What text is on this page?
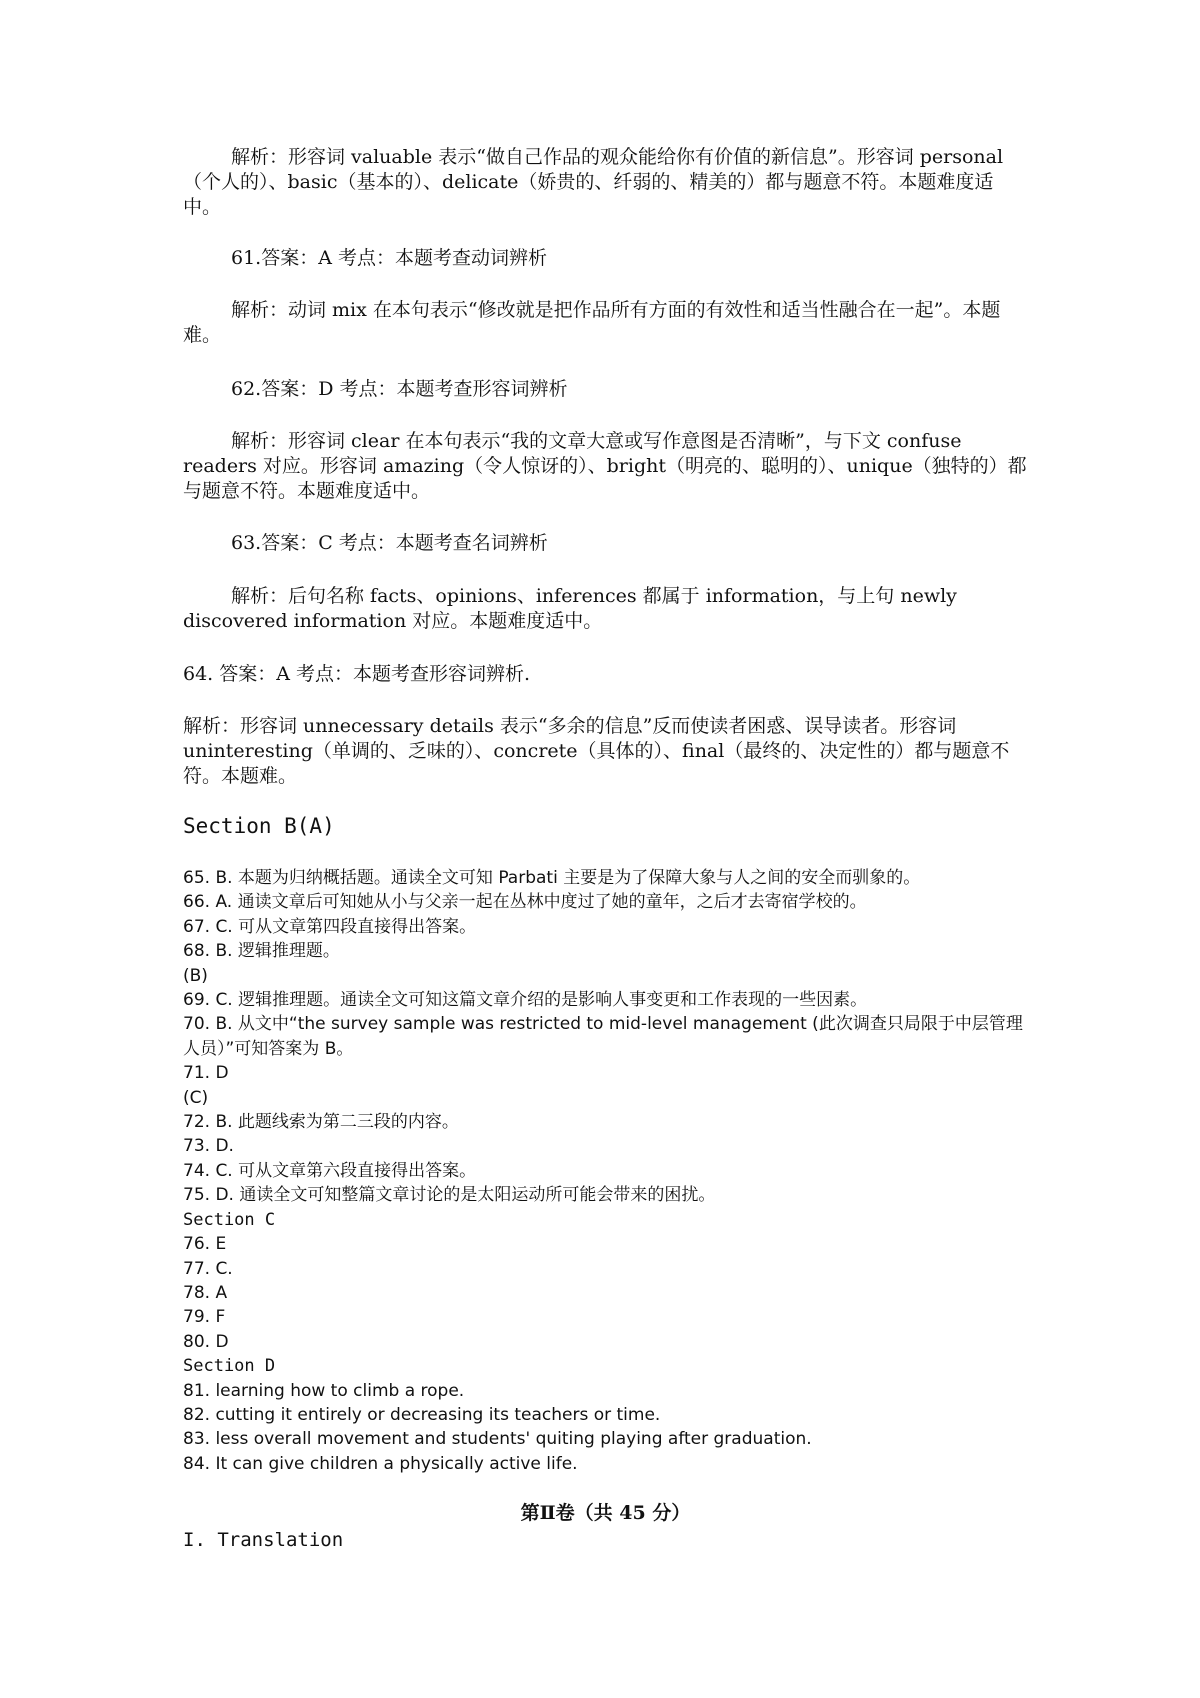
解析：形容词 valuable 表示“做自己作品的观众能给你有价值的新信息”。形容词 personal（个人的）、basic（基本的）、delicate（娇贵的、纤弱的、精美的）都与题意不符。本题难度适中。
61.答案：A 考点：本题考查动词辨析
解析：动词 mix 在本句表示“修改就是把作品所有方面的有效性和适当性融合在一起”。本题难。
62.答案：D 考点：本题考查形容词辨析
解析：形容词 clear 在本句表示“我的文章大意或写作意图是否清晰”，与下文 confuse readers 对应。形容词 amazing（令人惊讶的）、bright（明亮的、聪明的）、unique（独特的）都与题意不符。本题难度适中。
63.答案：C 考点：本题考查名词辨析
解析：后句名称 facts、opinions、inferences 都属于 information，与上句 newly discovered information 对应。本题难度适中。
64. 答案：A 考点：本题考查形容词辨析.
解析：形容词 unnecessary details 表示“多余的信息”反而使读者困惑、误导读者。形容词 uninteresting（单调的、乏味的）、concrete（具体的）、final（最终的、决定性的）都与题意不符。本题难。
Section B(A)
65. B. 本题为归纳概括题。通读全文可知 Parbati 主要是为了保障大象与人之间的安全而驯象的。
66. A. 通读文章后可知她从小与父亲一起在丛林中度过了她的童年，之后才去寄宿学校的。
67. C. 可从文章第四段直接得出答案。
68. B. 逻辑推理题。
(B)
69. C. 逻辑推理题。通读全文可知这篇文章介绍的是影响人事变更和工作表现的一些因素。
70. B. 从文中“the survey sample was restricted to mid-level management (此次调查只局限于中层管理人员）”可知答案为 B。
71. D
(C)
72. B. 此题线索为第二三段的内容。
73. D.
74. C. 可从文章第六段直接得出答案。
75. D. 通读全文可知整篇文章讨论的是太阳运动所可能会带来的困扰。
Section C
76. E
77. C.
78. A
79. F
80. D
Section D
81. learning how to climb a rope.
82. cutting it entirely or decreasing its teachers or time.
83. less overall movement and students' quiting playing after graduation.
84. It can give children a physically active life.
第Ⅱ卷（共 45 分）
I. Translation
